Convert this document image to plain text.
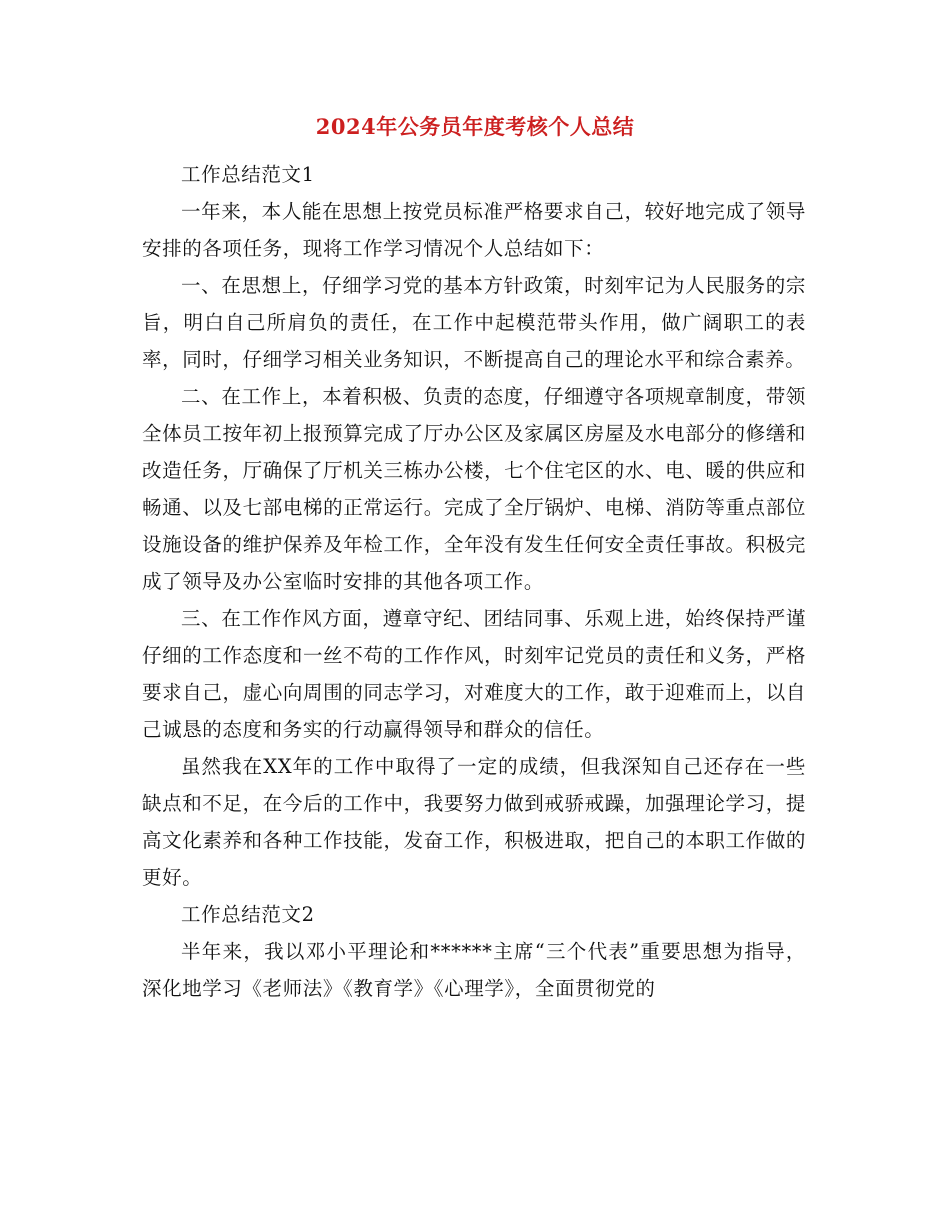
2024年公务员年度考核个人总结

工作总结范文1

一年来，本人能在思想上按党员标准严格要求自己，较好地完成了领导安排的各项任务，现将工作学习情况个人总结如下：

一、在思想上，仔细学习党的基本方针政策，时刻牢记为人民服务的宗旨，明白自己所肩负的责任，在工作中起模范带头作用，做广阔职工的表率，同时，仔细学习相关业务知识，不断提高自己的理论水平和综合素养。

二、在工作上，本着积极、负责的态度，仔细遵守各项规章制度，带领全体员工按年初上报预算完成了厅办公区及家属区房屋及水电部分的修缮和改造任务，厅确保了厅机关三栋办公楼，七个住宅区的水、电、暖的供应和畅通、以及七部电梯的正常运行。完成了全厅锅炉、电梯、消防等重点部位设施设备的维护保养及年检工作，全年没有发生任何安全责任事故。积极完成了领导及办公室临时安排的其他各项工作。

三、在工作作风方面，遵章守纪、团结同事、乐观上进，始终保持严谨仔细的工作态度和一丝不苟的工作作风，时刻牢记党员的责任和义务，严格要求自己，虚心向周围的同志学习，对难度大的工作，敢于迎难而上，以自己诚恳的态度和务实的行动赢得领导和群众的信任。

虽然我在XX年的工作中取得了一定的成绩，但我深知自己还存在一些缺点和不足，在今后的工作中，我要努力做到戒骄戒躁，加强理论学习，提高文化素养和各种工作技能，发奋工作，积极进取，把自己的本职工作做的更好。

工作总结范文2

半年来，我以邓小平理论和******主席“三个代表”重要思想为指导，深化地学习《老师法》《教育学》《心理学》，全面贯彻党的
